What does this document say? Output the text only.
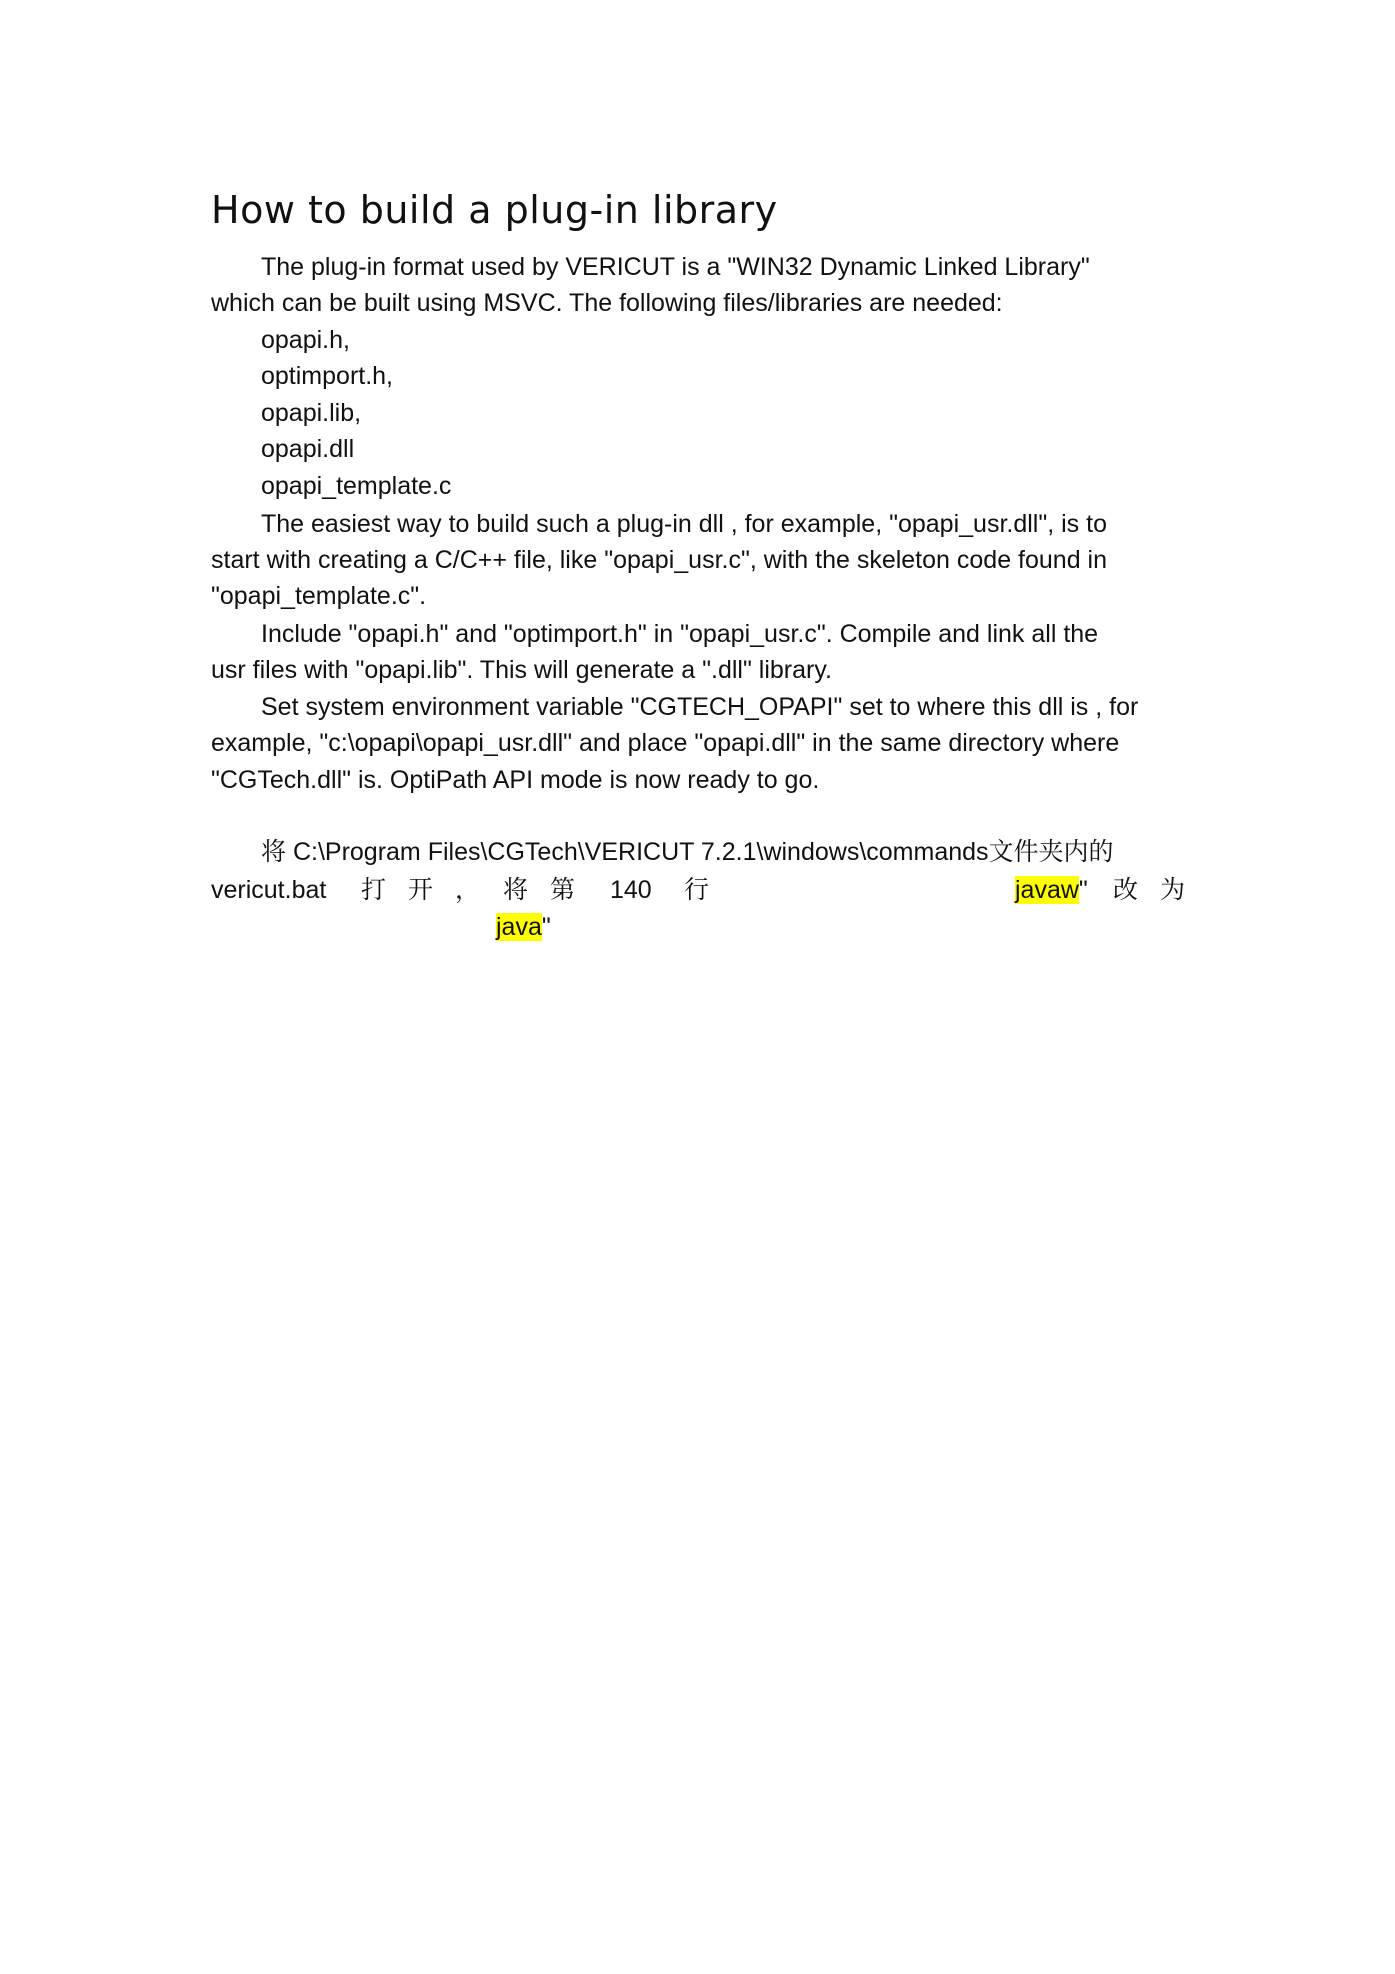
How to build a plug-in library
The plug-in format used by VERICUT is a "WIN32 Dynamic Linked Library"
which can be built using MSVC. The following files/libraries are needed:
opapi.h,
optimport.h,
opapi.lib,
opapi.dll
opapi_template.c
The easiest way to build such a plug-in dll , for example, "opapi_usr.dll", is to
start with creating a C/C++ file, like "opapi_usr.c", with the skeleton code found in
"opapi_template.c".
Include "opapi.h" and "optimport.h" in "opapi_usr.c". Compile and link all the
usr files with "opapi.lib". This will generate a ".dll" library.
Set system environment variable "CGTECH_OPAPI" set to where this dll is , for
example, "c:\opapi\opapi_usr.dll" and place "opapi.dll" in the same directory where
"CGTech.dll" is. OptiPath API mode is now ready to go.
将 C:\Program Files\CGTech\VERICUT 7.2.1\windows\commands文件夹内的
vericut.bat 打 开 ， 将 第 140 行	javaw" 改 为
java"
